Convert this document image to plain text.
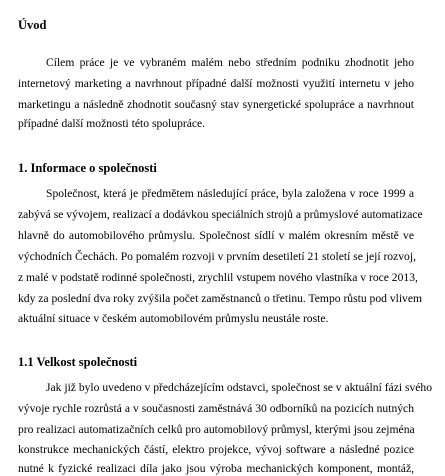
Úvod
Cílem práce je ve vybraném malém nebo středním podniku zhodnotit jeho
internetový marketing a navrhnout případné další možnosti využití internetu v jeho
marketingu a následně zhodnotit současný stav synergetické spolupráce a navrhnout
případné další možnosti této spolupráce.
1. Informace o společnosti
Společnost, která je předmětem následující práce, byla založena v roce 1999 a
zabývá se vývojem, realizací a dodávkou speciálních strojů a průmyslové automatizace
hlavně do automobilového průmyslu. Společnost sídlí v malém okresním městě ve
východních Čechách. Po pomalém rozvoji v prvním desetiletí 21 století se její rozvoj,
z malé v podstatě rodinné společnosti, zrychlil vstupem nového vlastníka v roce 2013,
kdy za poslední dva roky zvýšila počet zaměstnanců o třetinu. Tempo růstu pod vlivem
aktuální situace v českém automobilovém průmyslu neustále roste.
1.1 Velkost společnosti
Jak již bylo uvedeno v předcházejícím odstavci, společnost se v aktuální fázi svého
vývoje rychle rozrůstá a v současnosti zaměstnává 30 odborníků na pozicích nutných
pro realizaci automatizačních celků pro automobilový průmysl, kterými jsou zejména
konstrukce mechanických částí, elektro projekce, vývoj software a následné pozice
nutné k fyzické realizaci díla jako jsou výroba mechanických komponent, montáž,
